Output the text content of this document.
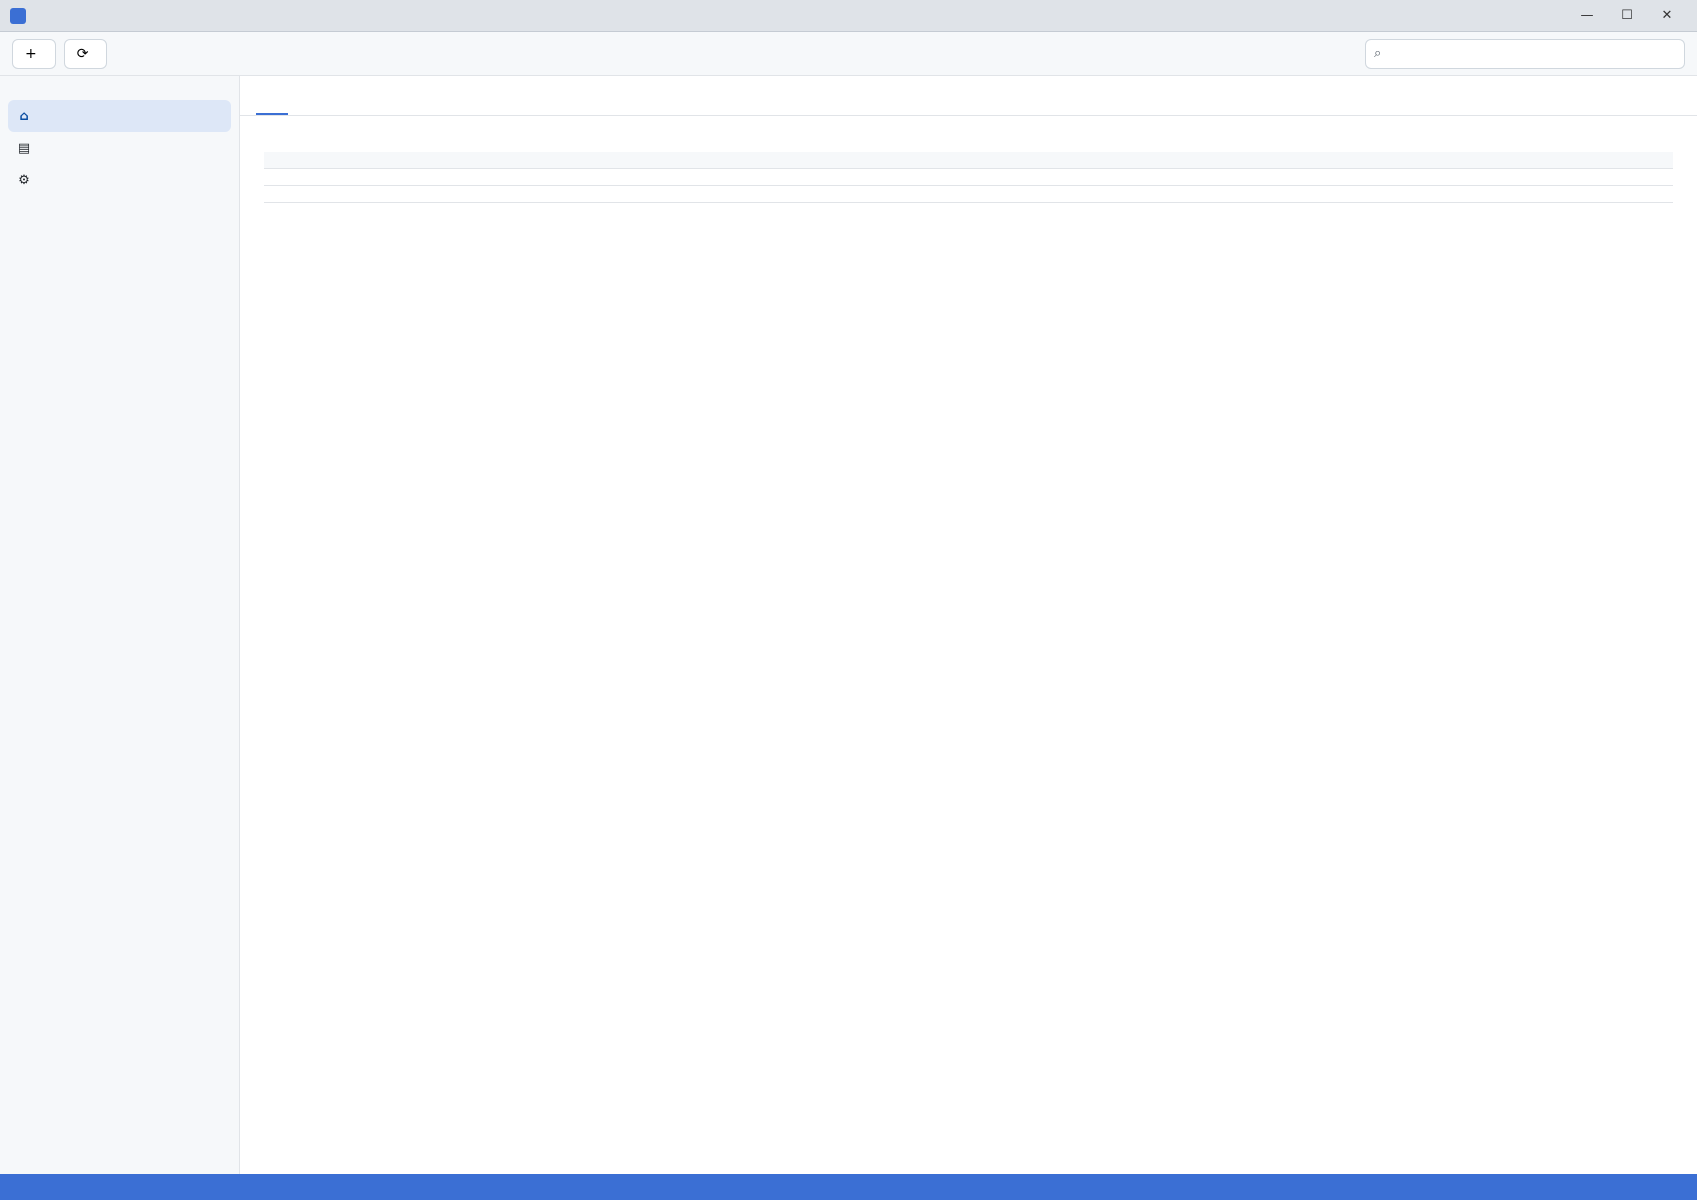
—	☐	✕
+	⟳	⌕
⌂
▤
⚙
